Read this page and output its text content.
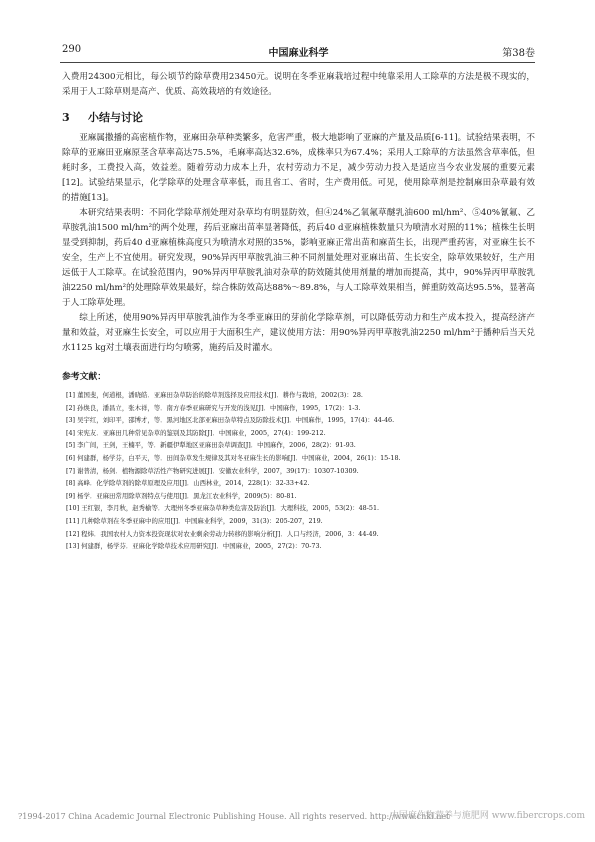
290	中国麻业科学	第38卷

入费用24300元相比，每公顷节约除草费用23450元。说明在冬季亚麻栽培过程中纯靠采用人工除草的方法是极不现实的，采用于人工除草则是高产、优质、高效栽培的有效途径。

3 小结与讨论

亚麻属撒播的高密植作物，亚麻田杂草种类繁多，危害严重，极大地影响了亚麻的产量及品质[6-11]。试验结果表明，不除草的亚麻田亚麻原茎含草率高达75.5%，毛麻率高达32.6%，成株率只为67.4%；采用人工除草的方法虽然含草率低，但耗时多，工费投入高，效益差。随着劳动力成本上升，农村劳动力不足，减少劳动力投入是适应当今农业发展的重要元素[12]。试验结果显示，化学除草的处理含草率低，而且省工、省时，生产费用低。可见，使用除草剂是控制麻田杂草最有效的措施[13]。

本研究结果表明：不同化学除草剂处理对杂草均有明显防效，但④24%乙氧氟草醚乳油600 ml/hm²、⑤40%氰氟、乙草胺乳油1500 ml/hm²的两个处理，药后亚麻出苗率显著降低，药后40 d亚麻植株数量只为喷清水对照的11%；植株生长明显受到抑制，药后40 d亚麻植株高度只为喷清水对照的35%，影响亚麻正常出苗和麻苗生长，出现严重药害，对亚麻生长不安全，生产上不宜使用。研究发现，90%异丙甲草胺乳油三种不同剂量处理对亚麻出苗、生长安全，除草效果较好，生产用远低于人工除草。在试验范围内，90%异丙甲草胺乳油对杂草的防效随其使用剂量的增加而提高，其中，90%异丙甲草胺乳油2250 ml/hm²的处理除草效果最好，综合株防效高达88%～89.8%，与人工除草效果相当，鲜重防效高达95.5%，显著高于人工除草处理。

综上所述，使用90%异丙甲草胺乳油作为冬季亚麻田的芽前化学除草剂，可以降低劳动力和生产成本投入，提高经济产量和效益，对亚麻生长安全，可以应用于大面积生产，建议使用方法：用90%异丙甲草胺乳油2250 ml/hm²于播种后当天兑水1125 kg对土壤表面进行均匀喷雾，施药后及时灌水。

参考文献：
[1] 董国斐，何道根，潘晓皓．亚麻田杂草防治的除草剂选择及应用技术[J]．耕作与栽培，2002(3)：28.
[2] 孙焕良，潘昌立，张木祥，等．南方春季亚麻研究与开发的浅见[J]．中国麻作，1995，17(2)：1-3.
[3] 吴宇红，刘印平，邵博才，等．黑河地区北部亚麻田杂草特点及防除技术[J]．中国麻作，1995，17(4)：44-46.
[4] 宋宪友．亚麻田几种常见杂草的鉴别及其防除[J]．中国麻业，2005，27(4)：199-212.
[5] 李广间，王剑，王楠平，等．新疆伊犁地区亚麻田杂草调查[J]．中国麻作，2006，28(2)：91-93.
[6] 何建群，杨学芬，白平天，等．田间杂草发生规律及其对冬亚麻生长的影响[J]．中国麻业，2004，26(1)：15-18.
[7] 谢普清，杨剑．植物源除草活性产物研究进展[J]．安徽农业科学，2007，39(17)：10307-10309.
[8] 高峰．化学除草剂的除草原理及应用[J]．山西林业，2014，228(1)：32-33+42.
[9] 杨学．亚麻田常用除草剂特点与使用[J]．黑龙江农业科学，2009(5)：80-81.
[10] 王红银，李月秋，赵秀榆等．大理州冬季亚麻杂草种类危害及防治[J]．大理科技，2005，53(2)：48-51.
[11] 几种除草剂在冬季亚麻中的应用[J]．中国麻业科学，2009，31(3)：205-207，219.
[12] 程炜．我国农村人力资本投资现状对农业剩余劳动力转移的影响分析[J]．人口与经济，2006，3：44-49.
[13] 何建群，杨学芬．亚麻化学除草技术应用研究[J]．中国麻业，2005，27(2)：70-73.
?1994-2017 China Academic Journal Electronic Publishing House. All rights reserved. http://www.cnki.net
中国麻作物营养与施肥网 www.fibercrops.com
